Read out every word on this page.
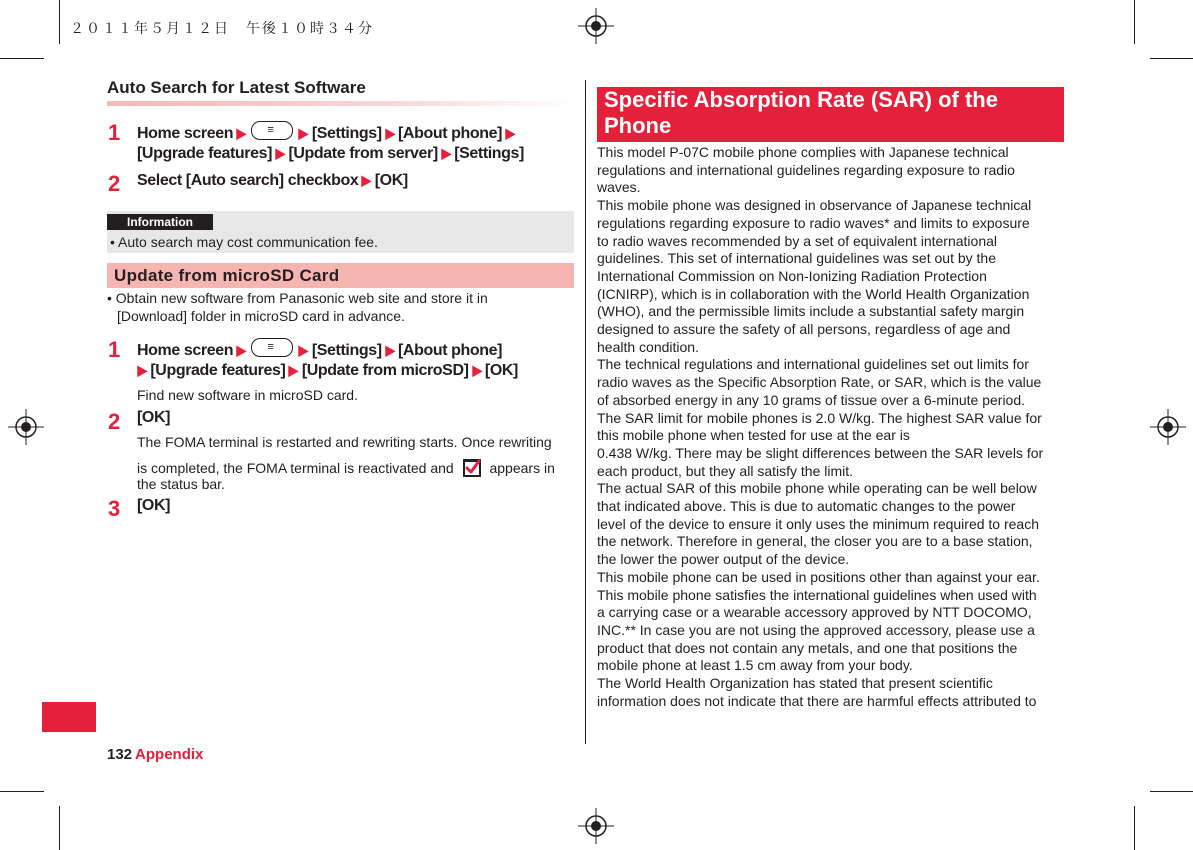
２０１１年５月１２日　午後１０時３４分
Auto Search for Latest Software
1 Home screen ▶ ≡ ▶ [Settings] ▶ [About phone] ▶
[Upgrade features] ▶ [Update from server] ▶ [Settings]
2 Select [Auto search] checkbox ▶ [OK]
Information
• Auto search may cost communication fee.
Update from microSD Card
• Obtain new software from Panasonic web site and store it in
[Download] folder in microSD card in advance.
1 Home screen ▶ ≡ ▶ [Settings] ▶ [About phone]
▶ [Upgrade features] ▶ [Update from microSD] ▶ [OK]
Find new software in microSD card.
2 [OK]
The FOMA terminal is restarted and rewriting starts. Once rewriting
is completed, the FOMA terminal is reactivated and	appears in
the status bar.
3 [OK]
Specific Absorption Rate (SAR) of the
Phone

This model P-07C mobile phone complies with Japanese technical

regulations and international guidelines regarding exposure to radio

waves.

This mobile phone was designed in observance of Japanese technical

regulations regarding exposure to radio waves* and limits to exposure

to radio waves recommended by a set of equivalent international

guidelines. This set of international guidelines was set out by the

International Commission on Non-Ionizing Radiation Protection

(ICNIRP), which is in collaboration with the World Health Organization

(WHO), and the permissible limits include a substantial safety margin

designed to assure the safety of all persons, regardless of age and

health condition.

The technical regulations and international guidelines set out limits for

radio waves as the Specific Absorption Rate, or SAR, which is the value

of absorbed energy in any 10 grams of tissue over a 6-minute period.

The SAR limit for mobile phones is 2.0 W/kg. The highest SAR value for

this mobile phone when tested for use at the ear is

0.438 W/kg. There may be slight differences between the SAR levels for

each product, but they all satisfy the limit.

The actual SAR of this mobile phone while operating can be well below

that indicated above. This is due to automatic changes to the power

level of the device to ensure it only uses the minimum required to reach

the network. Therefore in general, the closer you are to a base station,

the lower the power output of the device.

This mobile phone can be used in positions other than against your ear.

This mobile phone satisfies the international guidelines when used with

a carrying case or a wearable accessory approved by NTT DOCOMO,

INC.** In case you are not using the approved accessory, please use a

product that does not contain any metals, and one that positions the

mobile phone at least 1.5 cm away from your body.

The World Health Organization has stated that present scientific

information does not indicate that there are harmful effects attributed to

132 Appendix
